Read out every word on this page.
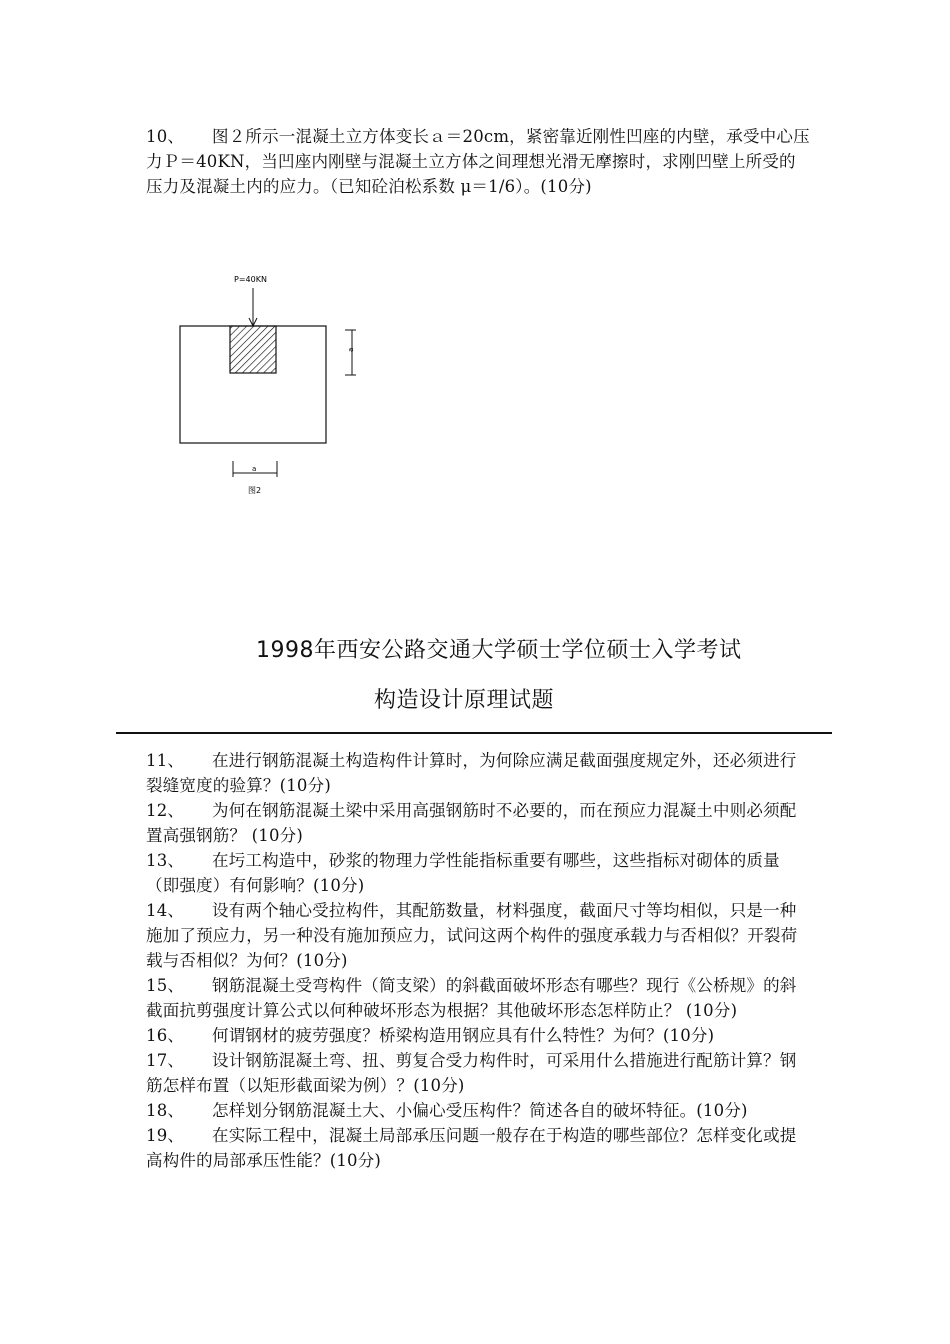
10、 图２所示一混凝土立方体变长ａ＝20cm，紧密靠近刚性凹座的内壁，承受中心压力Ｐ＝40KN，当凹座内刚壁与混凝土立方体之间理想光滑无摩擦时，求刚凹壁上所受的压力及混凝土内的应力。（已知砼泊松系数 μ＝1/6）。(10分)
P=40KN
a
a
图2
1998年西安公路交通大学硕士学位硕士入学考试
构造设计原理试题
11、 在进行钢筋混凝土构造构件计算时，为何除应满足截面强度规定外，还必须进行裂缝宽度的验算？(10分)
12、 为何在钢筋混凝土梁中采用高强钢筋时不必要的，而在预应力混凝土中则必须配置高强钢筋？ (10分)
13、 在圬工构造中，砂浆的物理力学性能指标重要有哪些，这些指标对砌体的质量（即强度）有何影响？(10分)
14、 设有两个轴心受拉构件，其配筋数量，材料强度，截面尺寸等均相似，只是一种施加了预应力，另一种没有施加预应力，试问这两个构件的强度承载力与否相似？开裂荷载与否相似？为何？(10分)
15、 钢筋混凝土受弯构件（简支梁）的斜截面破坏形态有哪些？现行《公桥规》的斜截面抗剪强度计算公式以何种破坏形态为根据？其他破坏形态怎样防止？ (10分)
16、 何谓钢材的疲劳强度？桥梁构造用钢应具有什么特性？为何？(10分)
17、 设计钢筋混凝土弯、扭、剪复合受力构件时，可采用什么措施进行配筋计算？钢筋怎样布置（以矩形截面梁为例）？(10分)
18、 怎样划分钢筋混凝土大、小偏心受压构件？简述各自的破坏特征。(10分)
19、 在实际工程中，混凝土局部承压问题一般存在于构造的哪些部位？怎样变化或提高构件的局部承压性能？(10分)
